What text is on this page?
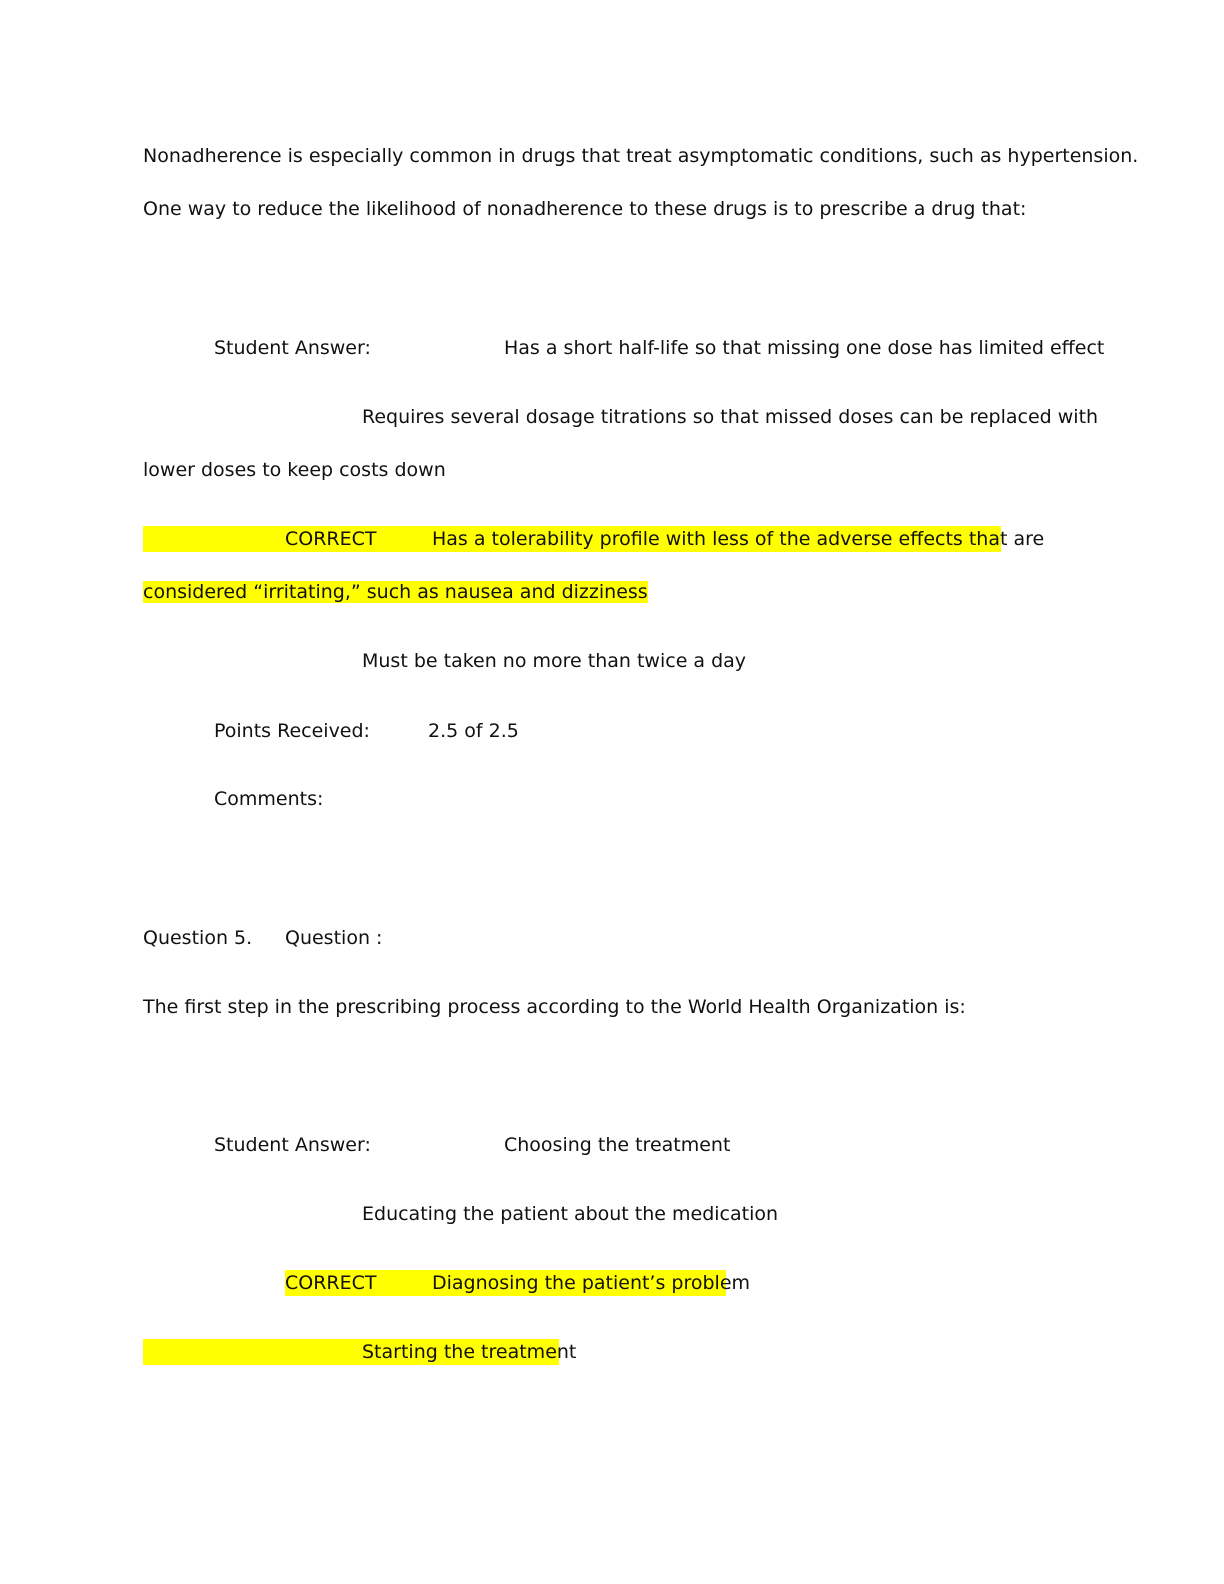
Nonadherence is especially common in drugs that treat asymptomatic conditions, such as hypertension.
One way to reduce the likelihood of nonadherence to these drugs is to prescribe a drug that:
Student Answer:	Has a short half-life so that missing one dose has limited effect
Requires several dosage titrations so that missed doses can be replaced with
lower doses to keep costs down
CORRECT	Has a tolerability profile with less of the adverse effects that are
considered “irritating,” such as nausea and dizziness
Must be taken no more than twice a day
Points Received:	2.5 of 2.5
Comments:
Question 5. Question :
The first step in the prescribing process according to the World Health Organization is:
Student Answer:	Choosing the treatment
Educating the patient about the medication
CORRECT	Diagnosing the patient’s problem
Starting the treatment
